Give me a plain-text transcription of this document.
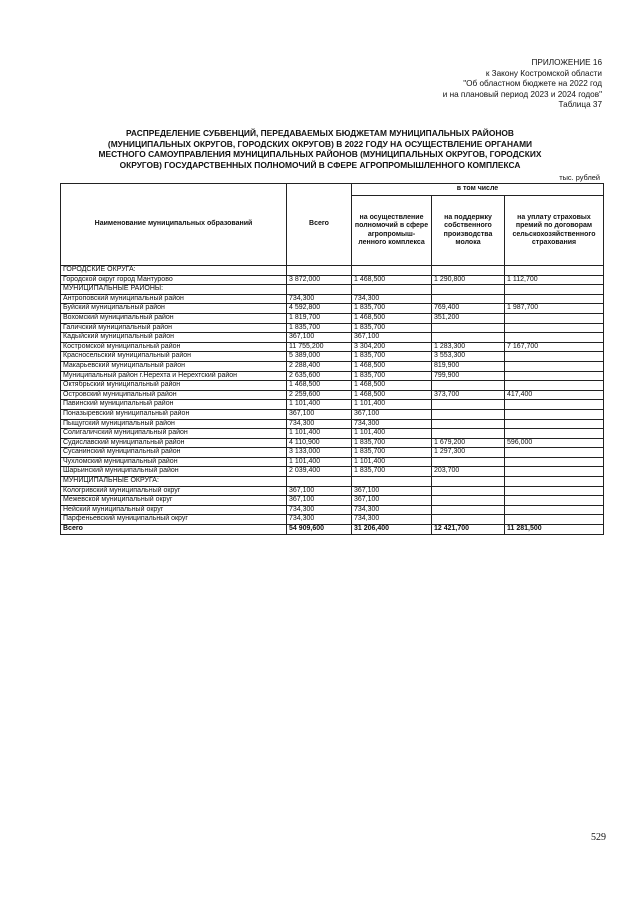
ПРИЛОЖЕНИЕ 16
к Закону Костромской области
"Об областном бюджете на 2022 год
и на плановый период 2023 и 2024 годов"
Таблица 37
РАСПРЕДЕЛЕНИЕ СУБВЕНЦИЙ, ПЕРЕДАВАЕМЫХ БЮДЖЕТАМ МУНИЦИПАЛЬНЫХ РАЙОНОВ
(МУНИЦИПАЛЬНЫХ ОКРУГОВ, ГОРОДСКИХ ОКРУГОВ) В 2022 ГОДУ НА ОСУЩЕСТВЛЕНИЕ ОРГАНАМИ
МЕСТНОГО САМОУПРАВЛЕНИЯ МУНИЦИПАЛЬНЫХ РАЙОНОВ (МУНИЦИПАЛЬНЫХ ОКРУГОВ, ГОРОДСКИХ
ОКРУГОВ) ГОСУДАРСТВЕННЫХ ПОЛНОМОЧИЙ В СФЕРЕ АГРОПРОМЫШЛЕННОГО КОМПЛЕКСА
тыс. рублей
Наименование муниципальных образований	Всего	в том числе		
		на осуществление полномочий в сфере агропромыш-ленного комплекса	на поддержку собственного производства молока	на уплату страховых премий по договорам сельскохозяйственного страхования
ГОРОДСКИЕ ОКРУГА:				
Городской округ город Мантурово	3 872,000	1 468,500	1 290,800	1 112,700
МУНИЦИПАЛЬНЫЕ РАЙОНЫ:				
Антроповский муниципальный район	734,300	734,300		
Буйский муниципальный район	4 592,800	1 835,700	769,400	1 987,700
Вохомский муниципальный район	1 819,700	1 468,500	351,200	
Галичский муниципальный район	1 835,700	1 835,700		
Кадыйский муниципальный район	367,100	367,100		
Костромской муниципальный район	11 755,200	3 304,200	1 283,300	7 167,700
Красносельский муниципальный район	5 389,000	1 835,700	3 553,300	
Макарьевский муниципальный район	2 288,400	1 468,500	819,900	
Муниципальный район г.Нерехта и Нерехтский район	2 635,600	1 835,700	799,900	
Октябрьский муниципальный район	1 468,500	1 468,500		
Островский муниципальный район	2 259,600	1 468,500	373,700	417,400
Павинский муниципальный район	1 101,400	1 101,400		
Поназыревский муниципальный район	367,100	367,100		
Пыщугский муниципальный район	734,300	734,300		
Солигаличский муниципальный район	1 101,400	1 101,400		
Судиславский муниципальный район	4 110,900	1 835,700	1 679,200	596,000
Сусанинский муниципальный район	3 133,000	1 835,700	1 297,300	
Чухломский муниципальный район	1 101,400	1 101,400		
Шарьинский муниципальный район	2 039,400	1 835,700	203,700	
МУНИЦИПАЛЬНЫЕ ОКРУГА:				
Кологривский муниципальный округ	367,100	367,100		
Межевской муниципальный округ	367,100	367,100		
Нейский муниципальный округ	734,300	734,300		
Парфеньевский муниципальный округ	734,300	734,300		
Всего	54 909,600	31 206,400	12 421,700	11 281,500
529
